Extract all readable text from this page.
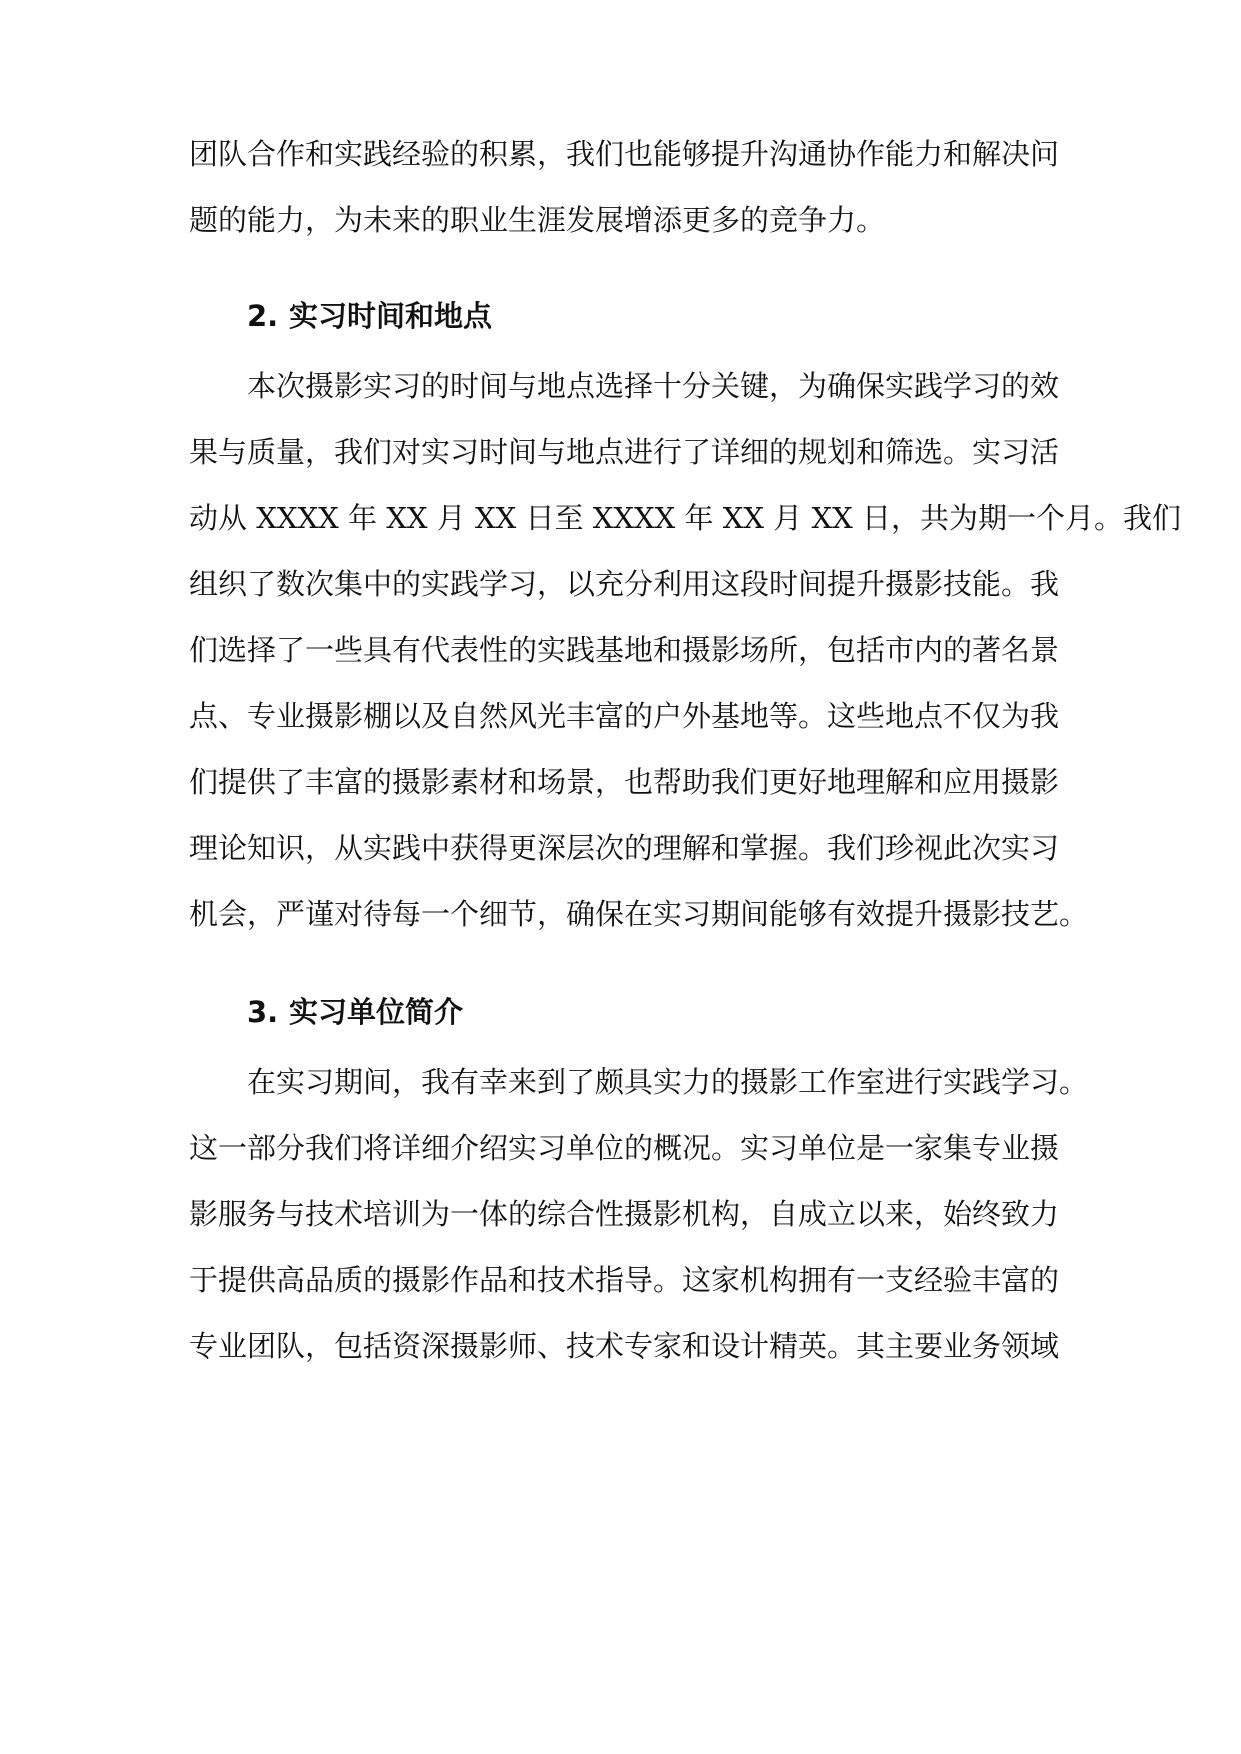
团队合作和实践经验的积累，我们也能够提升沟通协作能力和解决问
题的能力，为未来的职业生涯发展增添更多的竞争力。
2. 实习时间和地点
本次摄影实习的时间与地点选择十分关键，为确保实践学习的效
果与质量，我们对实习时间与地点进行了详细的规划和筛选。实习活
动从 XXXX 年 XX 月 XX 日至 XXXX 年 XX 月 XX 日，共为期一个月。我们
组织了数次集中的实践学习，以充分利用这段时间提升摄影技能。我
们选择了一些具有代表性的实践基地和摄影场所，包括市内的著名景
点、专业摄影棚以及自然风光丰富的户外基地等。这些地点不仅为我
们提供了丰富的摄影素材和场景，也帮助我们更好地理解和应用摄影
理论知识，从实践中获得更深层次的理解和掌握。我们珍视此次实习
机会，严谨对待每一个细节，确保在实习期间能够有效提升摄影技艺。
3. 实习单位简介
在实习期间，我有幸来到了颇具实力的摄影工作室进行实践学习。
这一部分我们将详细介绍实习单位的概况。实习单位是一家集专业摄
影服务与技术培训为一体的综合性摄影机构，自成立以来，始终致力
于提供高品质的摄影作品和技术指导。这家机构拥有一支经验丰富的
专业团队，包括资深摄影师、技术专家和设计精英。其主要业务领域
